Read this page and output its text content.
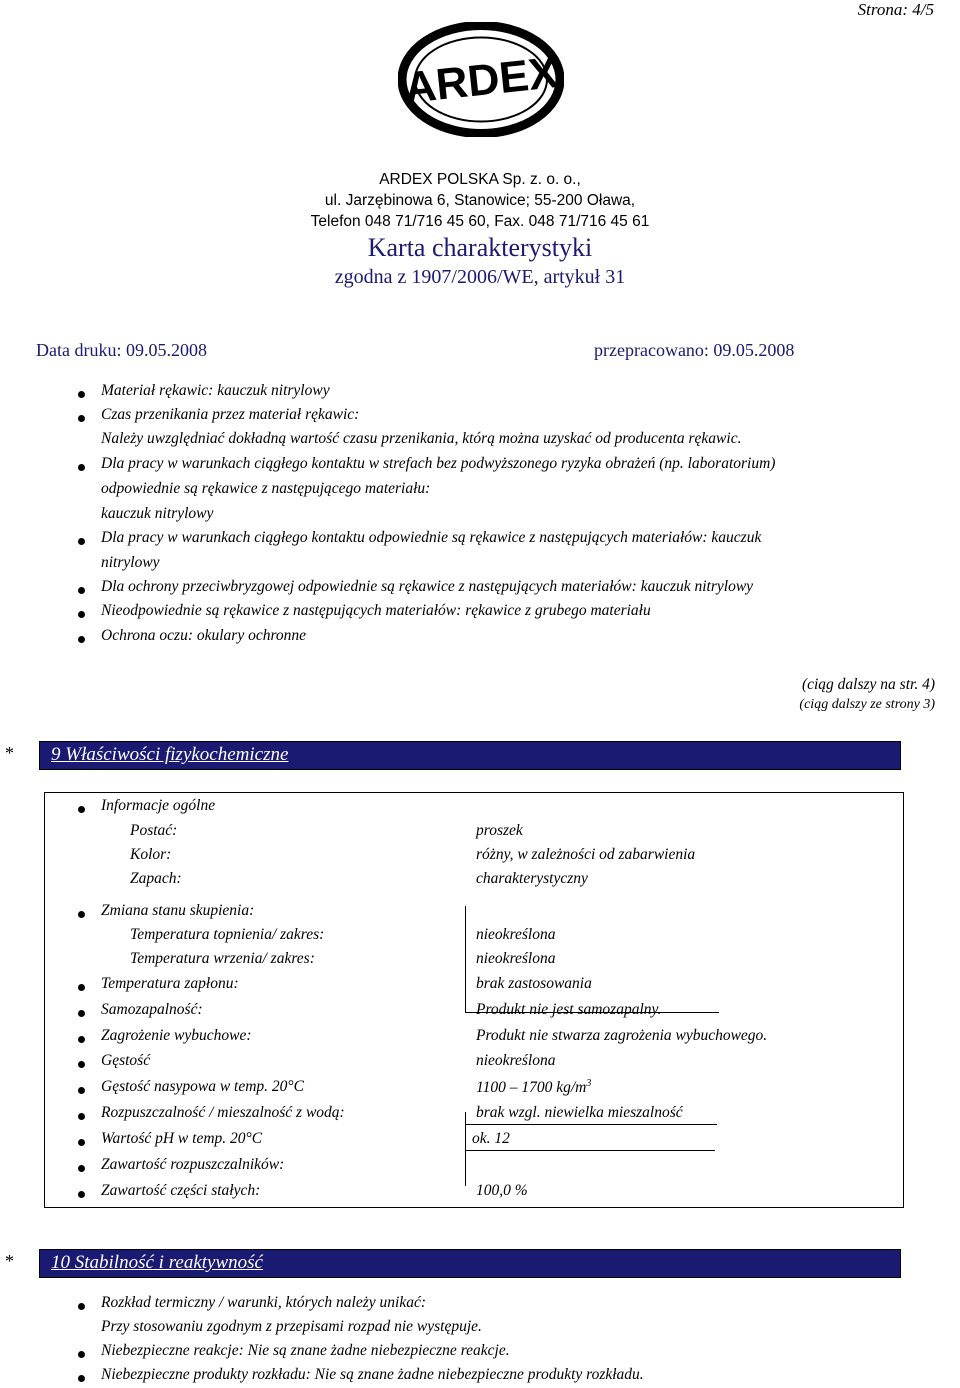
Strona: 4/5
ARDEX
ARDEX POLSKA Sp. z. o. o.,
ul. Jarzębinowa 6, Stanowice; 55-200 Oława,
Telefon 048 71/716 45 60, Fax. 048 71/716 45 61
Karta charakterystyki
zgodna z 1907/2006/WE, artykuł 31
Data druku: 09.05.2008	przepracowano: 09.05.2008
Materiał rękawic: kauczuk nitrylowy
Czas przenikania przez materiał rękawic:
Należy uwzględniać dokładną wartość czasu przenikania, którą można uzyskać od producenta rękawic.
Dla pracy w warunkach ciągłego kontaktu w strefach bez podwyższonego ryzyka obrażeń (np. laboratorium)
odpowiednie są rękawice z następującego materiału:
kauczuk nitrylowy
Dla pracy w warunkach ciągłego kontaktu odpowiednie są rękawice z następujących materiałów: kauczuk
nitrylowy
Dla ochrony przeciwbryzgowej odpowiednie są rękawice z następujących materiałów: kauczuk nitrylowy
Nieodpowiednie są rękawice z następujących materiałów: rękawice z grubego materiału
Ochrona oczu: okulary ochronne
(ciąg dalszy na str. 4)
(ciąg dalszy ze strony 3)
* 9 Właściwości fizykochemiczne
Informacje ogólne
Postać:	proszek
Kolor:	różny, w zależności od zabarwienia
Zapach:	charakterystyczny
Zmiana stanu skupienia:
Temperatura topnienia/ zakres:	nieokreślona
Temperatura wrzenia/ zakres:	nieokreślona
Temperatura zapłonu:	brak zastosowania
Samozapalność:	Produkt nie jest samozapalny.
Zagrożenie wybuchowe:	Produkt nie stwarza zagrożenia wybuchowego.
Gęstość	nieokreślona
Gęstość nasypowa w temp. 20°C	1100 – 1700 $kg/m^3$
Rozpuszczalność / mieszalność z wodą:	brak wzgl. niewielka mieszalność
Wartość pH w temp. 20°C	ok. 12
Zawartość rozpuszczalników:
Zawartość części stałych:	100,0 %
* 10 Stabilność i reaktywność
Rozkład termiczny / warunki, których należy unikać:
Przy stosowaniu zgodnym z przepisami rozpad nie występuje.
Niebezpieczne reakcje: Nie są znane żadne niebezpieczne reakcje.
Niebezpieczne produkty rozkładu: Nie są znane żadne niebezpieczne produkty rozkładu.
